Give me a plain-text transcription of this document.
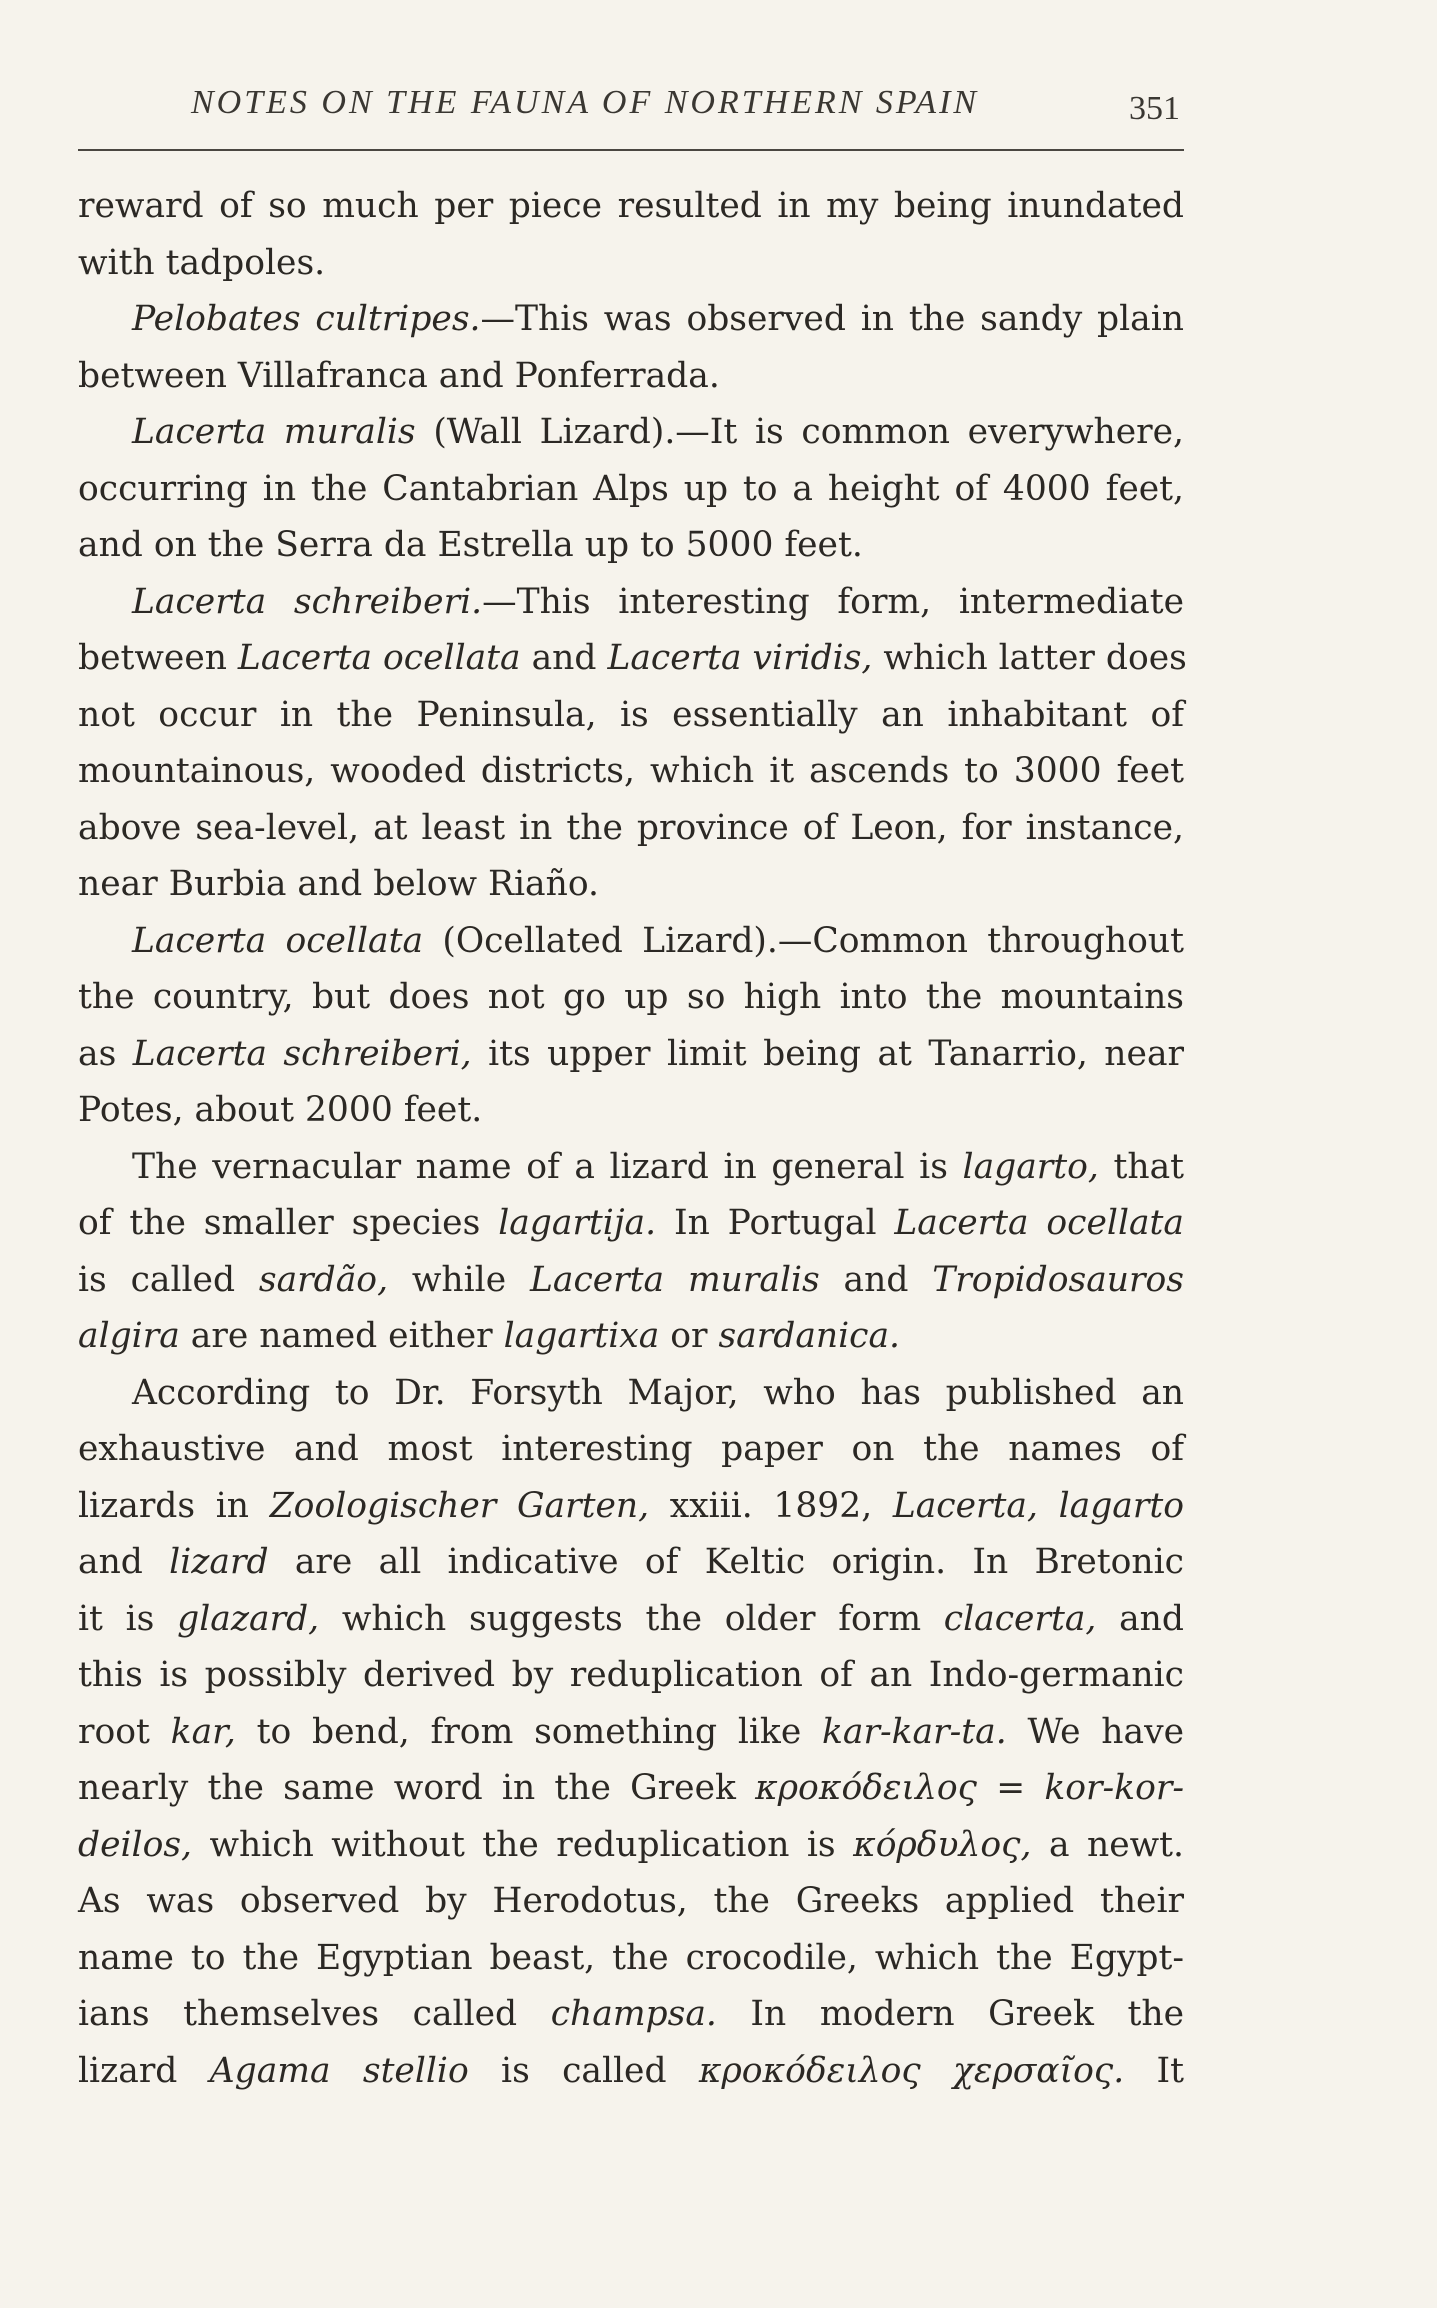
NOTES ON THE FAUNA OF NORTHERN SPAIN	351
reward of so much per piece resulted in my being inundated
with tadpoles.
Pelobates cultripes.—This was observed in the sandy plain
between Villafranca and Ponferrada.
Lacerta muralis (Wall Lizard).—It is common everywhere,
occurring in the Cantabrian Alps up to a height of 4000 feet,
and on the Serra da Estrella up to 5000 feet.
Lacerta schreiberi.—This interesting form, intermediate
between Lacerta ocellata and Lacerta viridis, which latter does
not occur in the Peninsula, is essentially an inhabitant of
mountainous, wooded districts, which it ascends to 3000 feet
above sea-level, at least in the province of Leon, for instance,
near Burbia and below Riaño.
Lacerta ocellata (Ocellated Lizard).—Common throughout
the country, but does not go up so high into the mountains
as Lacerta schreiberi, its upper limit being at Tanarrio, near
Potes, about 2000 feet.
The vernacular name of a lizard in general is lagarto, that
of the smaller species lagartija. In Portugal Lacerta ocellata
is called sardão, while Lacerta muralis and Tropidosauros
algira are named either lagartixa or sardanica.
According to Dr. Forsyth Major, who has published an
exhaustive and most interesting paper on the names of
lizards in Zoologischer Garten, xxiii. 1892, Lacerta, lagarto
and lizard are all indicative of Keltic origin. In Bretonic
it is glazard, which suggests the older form clacerta, and
this is possibly derived by reduplication of an Indo-germanic
root kar, to bend, from something like kar-kar-ta. We have
nearly the same word in the Greek κροκόδειλος = kor-kor-
deilos, which without the reduplication is κόρδυλος, a newt.
As was observed by Herodotus, the Greeks applied their
name to the Egyptian beast, the crocodile, which the Egypt-
ians themselves called champsa. In modern Greek the
lizard Agama stellio is called κροκόδειλος χερσαῖος. It
